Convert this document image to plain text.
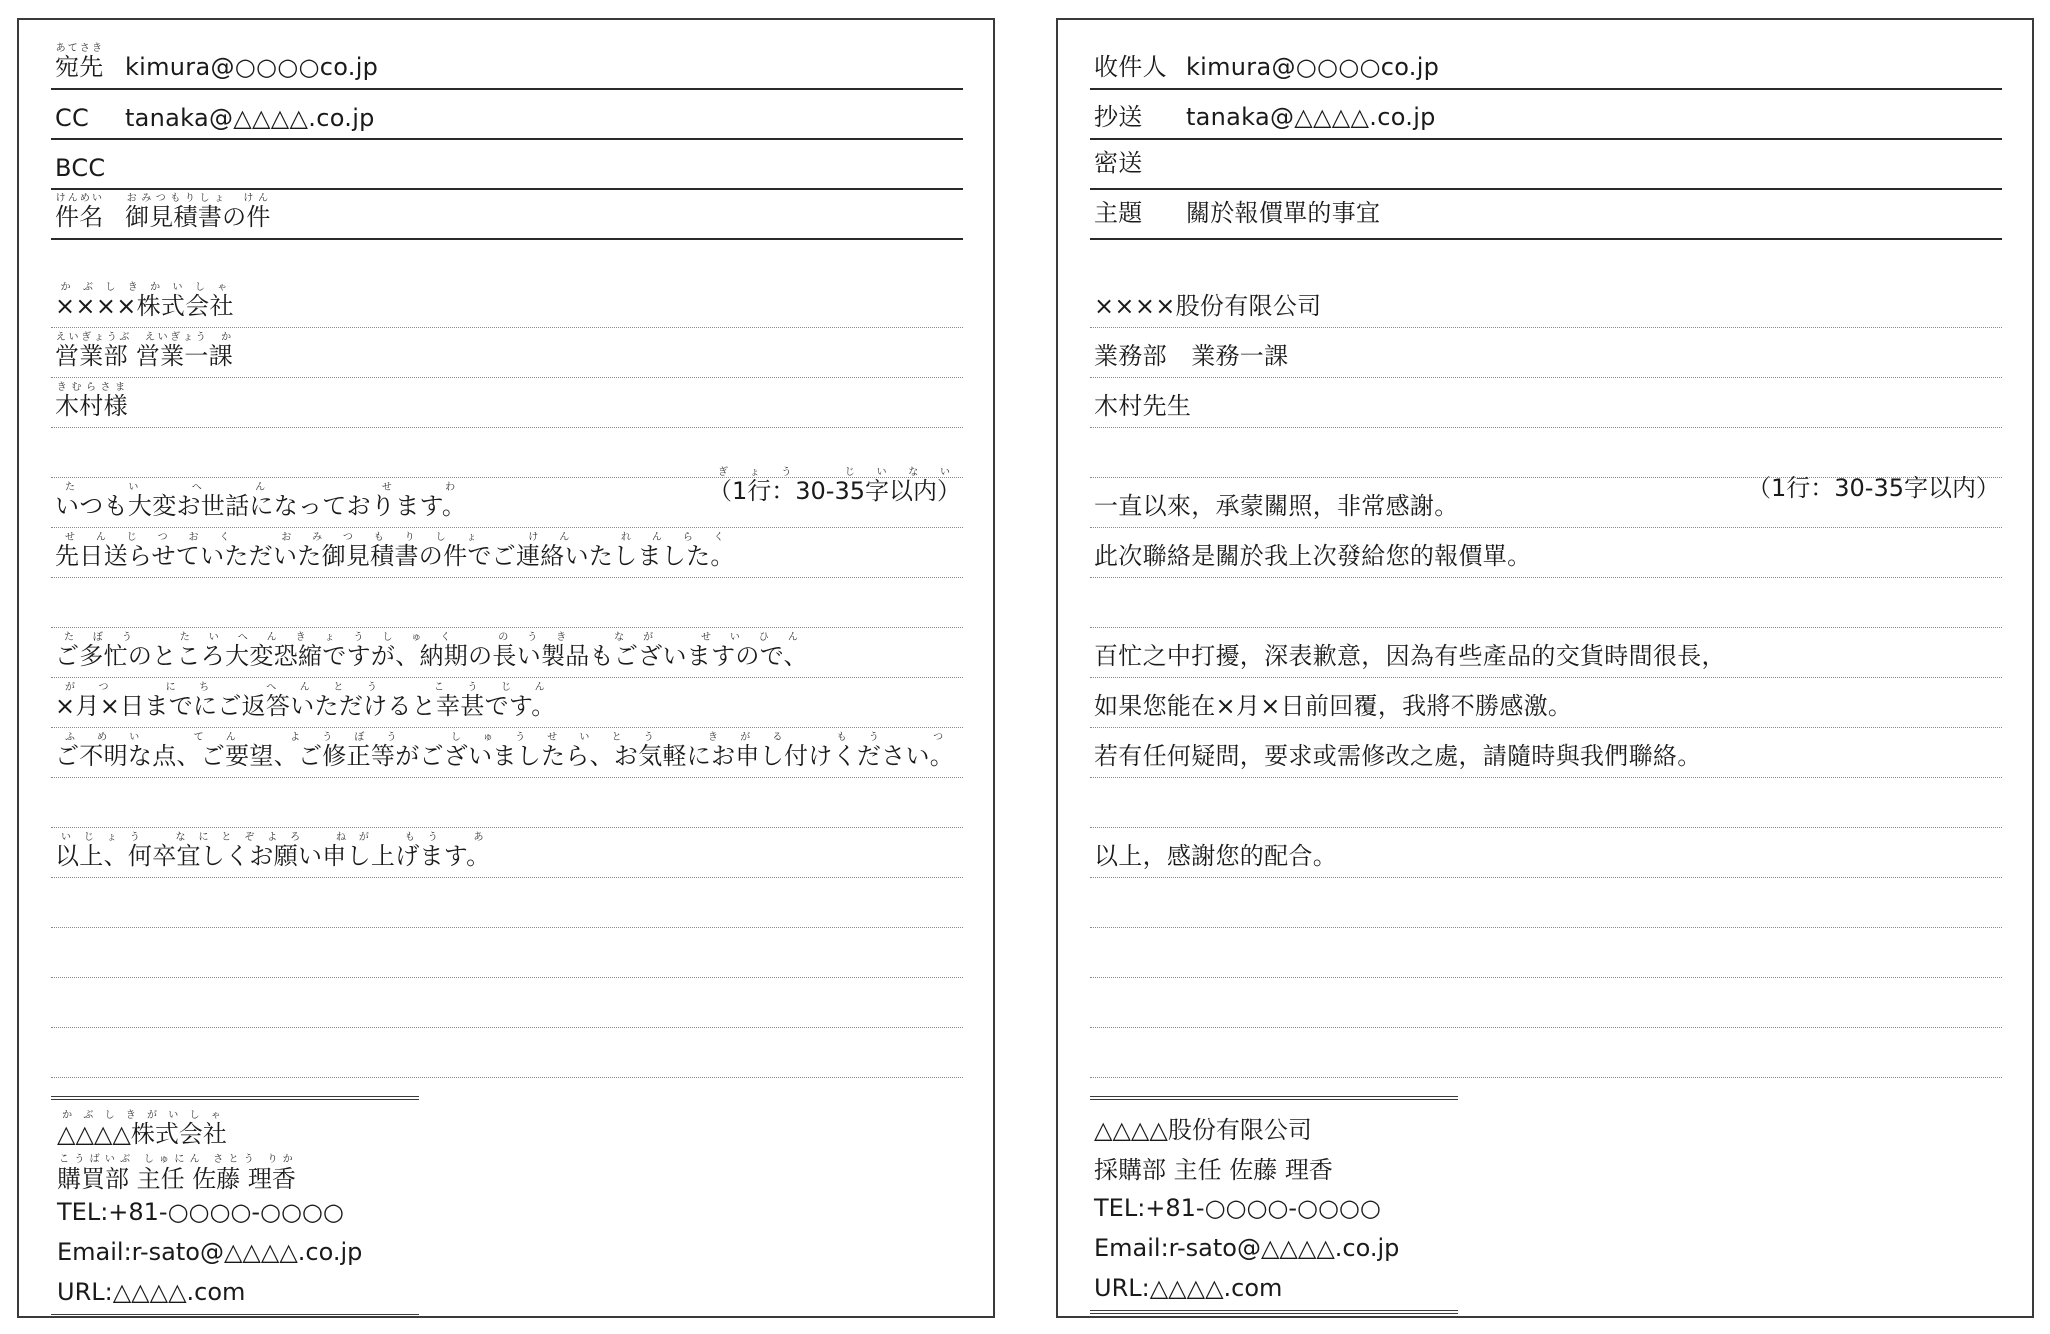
宛先あてさき kimura@○○○○co.jp
CC tanaka@△△△△.co.jp
BCC
件名けんめい 御見積書の件おみつもりしょ　けん
××××株式会社かぶしきかいしゃ
営業部 営業一課えいぎょうぶ　えいぎょう　か
木村様きむらさま
いつも大変お世話になっております。たいへん　せわ
先日送らせていただいた御見積書の件でご連絡いたしました。せんじつおく　おみつもりしょ　けん　れんらく
ご多忙のところ大変恐縮ですが、納期の長い製品もございますので、たぼう　たいへんきょうしゅく　のうき　なが　せいひん
×月×日までにご返答いただけると幸甚です。がつ　にち　へんとう　こうじん
ご不明な点、ご要望、ご修正等がございましたら、お気軽にお申し付けください。ふめい　てん　ようぼう　しゅうせいとう　きがる　もう　つ
以上、何卒宜しくお願い申し上げます。いじょう　なにとぞよろ　ねが　もう　あ
（1行：30-35字以内）ぎょう　じいない
△△△△株式会社かぶしきがいしゃ
購買部 主任 佐藤 理香こうばいぶ しゅにん さとう りか
TEL:+81-○○○○-○○○○
Email:r-sato@△△△△.co.jp
URL:△△△△.com
收件人 kimura@○○○○co.jp
抄送 tanaka@△△△△.co.jp
密送
主題 關於報價單的事宜
××××股份有限公司
業務部　業務一課
木村先生
一直以來，承蒙關照，非常感謝。
此次聯絡是關於我上次發給您的報價單。
百忙之中打擾，深表歉意，因為有些產品的交貨時間很長，
如果您能在×月×日前回覆，我將不勝感激。
若有任何疑問，要求或需修改之處，請隨時與我們聯絡。
以上，感謝您的配合。
（1行：30-35字以内）
△△△△股份有限公司
採購部 主任 佐藤 理香
TEL:+81-○○○○-○○○○
Email:r-sato@△△△△.co.jp
URL:△△△△.com
